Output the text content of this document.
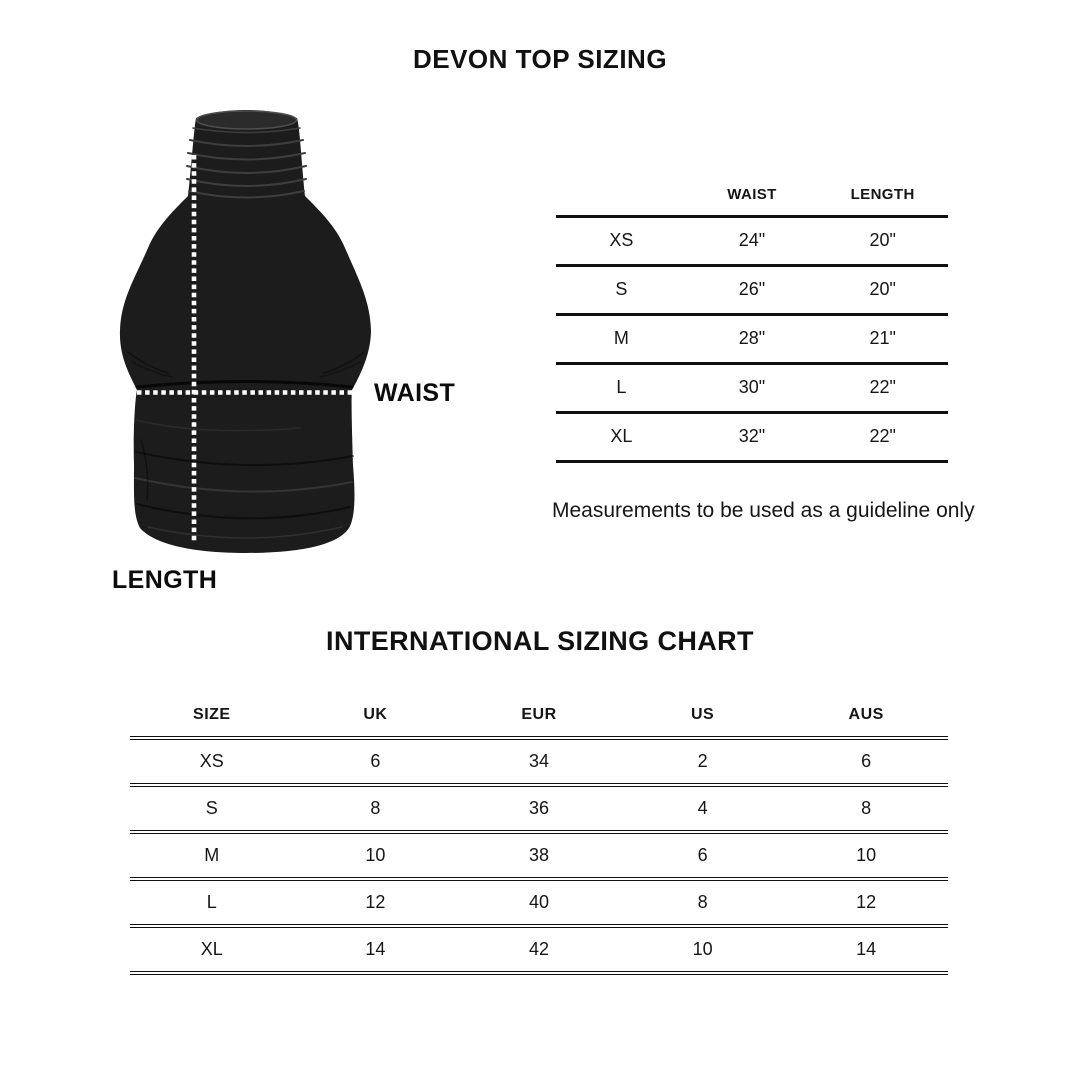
DEVON TOP SIZING
WAIST
LENGTH
	WAIST	LENGTH
XS	24"	20"
S	26"	20"
M	28"	21"
L	30"	22"
XL	32"	22"

Measurements to be used as a guideline only

INTERNATIONAL SIZING CHART
SIZE	UK	EUR	US	AUS
XS	6	34	2	6
S	8	36	4	8
M	10	38	6	10
L	12	40	8	12
XL	14	42	10	14
